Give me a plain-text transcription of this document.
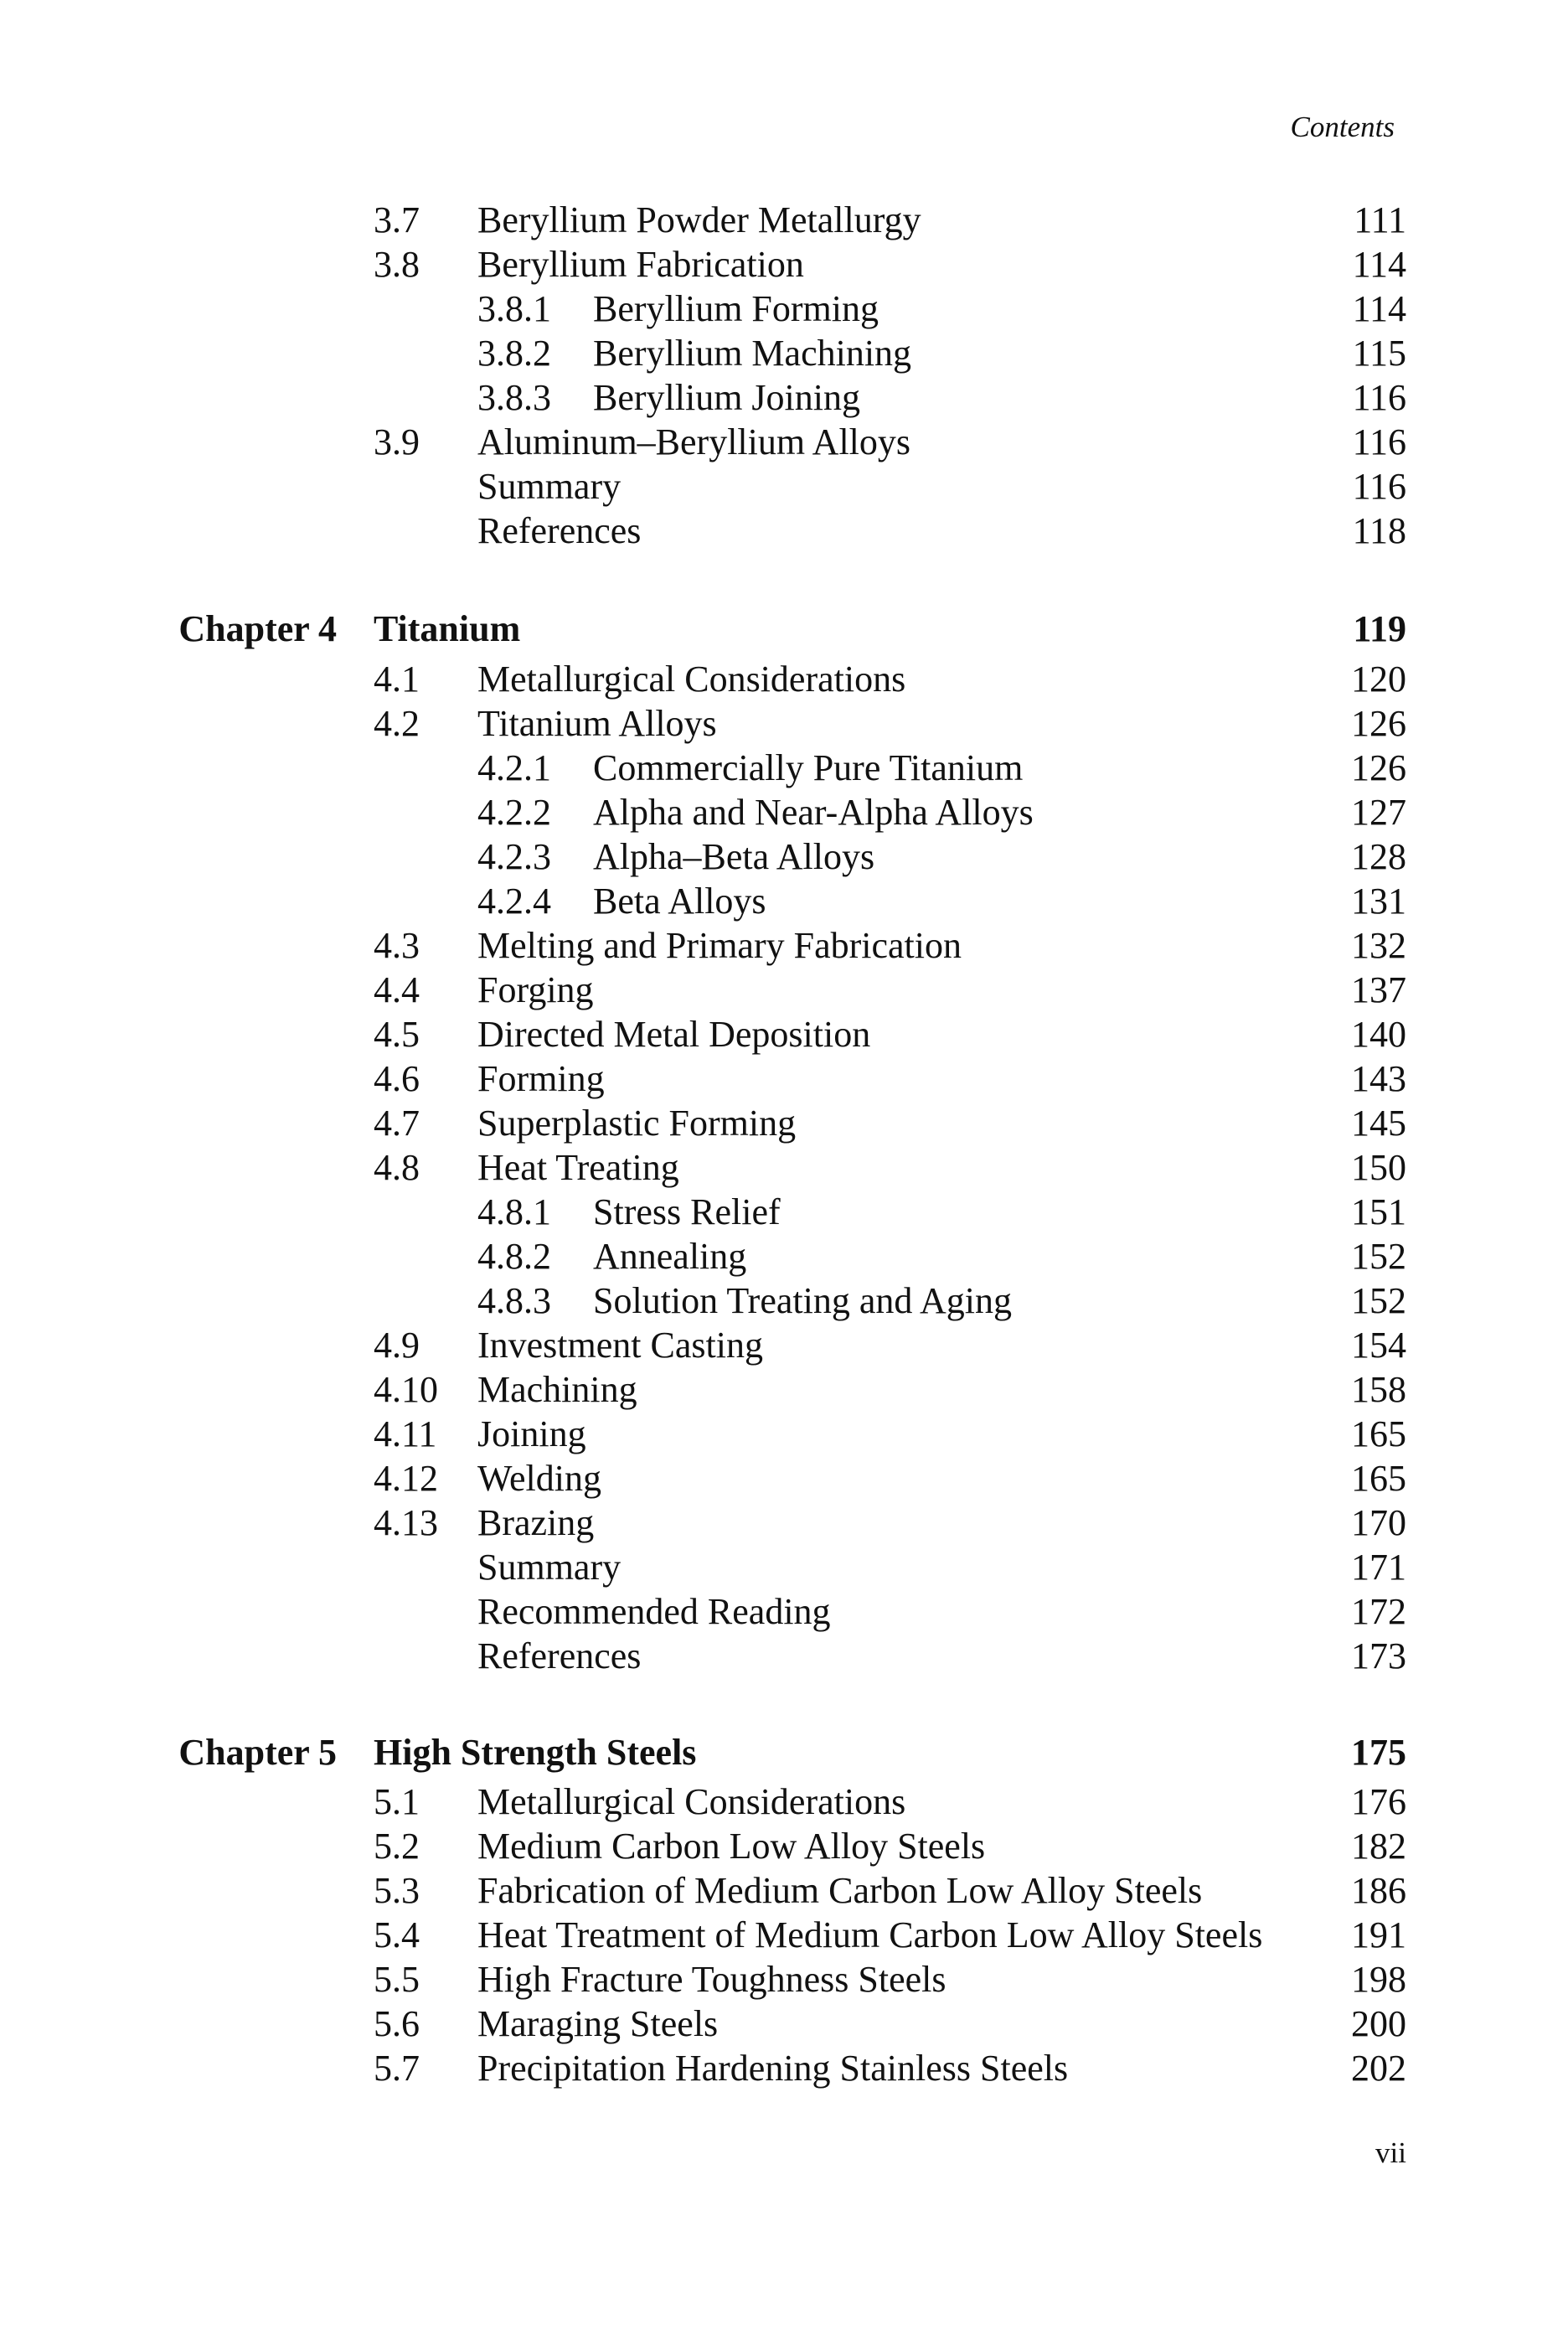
Contents
3.7 Beryllium Powder Metallurgy	111
3.8 Beryllium Fabrication	114
3.8.1 Beryllium Forming	114
3.8.2 Beryllium Machining	115
3.8.3 Beryllium Joining	116
3.9 Aluminum–Beryllium Alloys	116
Summary	116
References	118
Chapter 4 Titanium	119
4.1 Metallurgical Considerations	120
4.2 Titanium Alloys	126
4.2.1 Commercially Pure Titanium	126
4.2.2 Alpha and Near-Alpha Alloys	127
4.2.3 Alpha–Beta Alloys	128
4.2.4 Beta Alloys	131
4.3 Melting and Primary Fabrication	132
4.4 Forging	137
4.5 Directed Metal Deposition	140
4.6 Forming	143
4.7 Superplastic Forming	145
4.8 Heat Treating	150
4.8.1 Stress Relief	151
4.8.2 Annealing	152
4.8.3 Solution Treating and Aging	152
4.9 Investment Casting	154
4.10 Machining	158
4.11 Joining	165
4.12 Welding	165
4.13 Brazing	170
Summary	171
Recommended Reading	172
References	173
Chapter 5 High Strength Steels	175
5.1 Metallurgical Considerations	176
5.2 Medium Carbon Low Alloy Steels	182
5.3 Fabrication of Medium Carbon Low Alloy Steels	186
5.4 Heat Treatment of Medium Carbon Low Alloy Steels 191
5.5 High Fracture Toughness Steels	198
5.6 Maraging Steels	200
5.7 Precipitation Hardening Stainless Steels	202
vii
